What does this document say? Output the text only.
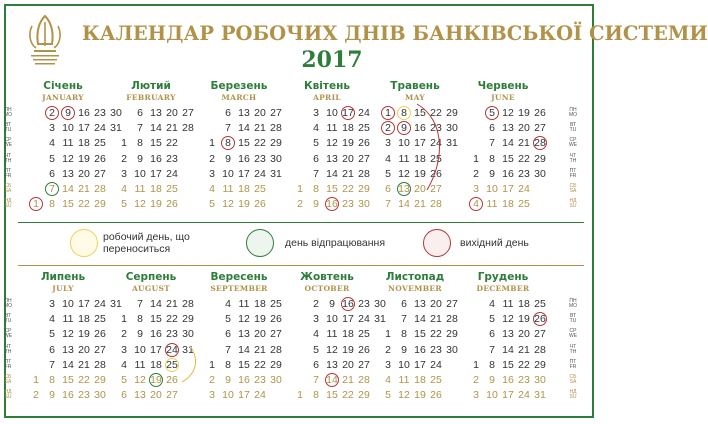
КАЛЕНДАР РОБОЧИХ ДНІВ БАНКІВСЬКОЇ СИСТЕМИ
2017
робочий день, що переноситься	день відпрацювання	вихідний день
Січень
JANUARY
ПН
MO
ВТ
TU
СР
WE
ЧТ
TH
ПТ
FR
СБ
SA
НД
SU
2 9 16 23 30
3 10 17 24 31
4 11 18 25
5 12 19 26
6 13 20 27
7 14 21 28
1 8 15 22 29
Лютий
FEBRUARY
6 13 20 27
7 14 21 28
1 8 15 22
2 9 16 23
3 10 17 24
4 11 18 25
5 12 19 26
Березень
MARCH
6 13 20 27
7 14 21 28
1 8 15 22 29
2 9 16 23 30
3 10 17 24 31
4 11 18 25
5 12 19 26
Квітень
APRIL
3 10 17 24
4 11 18 25
5 12 19 26
6 13 20 27
7 14 21 28
1 8 15 22 29
2 9 16 23 30
Травень
MAY
1 8 15 22 29
2 9 16 23 30
3 10 17 24 31
4 11 18 25
5 12 19 26
6 13 20 27
7 14 21 28
Червень
JUNE
ПН
MO
ВТ
TU
СР
WE
ЧТ
TH
ПТ
FR
СБ
SA
НД
SU
5 12 19 26
6 13 20 27
7 14 21 28
1 8 15 22 29
2 9 16 23 30
3 10 17 24
4 11 18 25
Липень
JULY
ПН
MO
ВТ
TU
СР
WE
ЧТ
TH
ПТ
FR
СБ
SA
НД
SU
3 10 17 24 31
4 11 18 25
5 12 19 26
6 13 20 27
7 14 21 28
1 8 15 22 29
2 9 16 23 30
Серпень
AUGUST
7 14 21 28
1 8 15 22 29
2 9 16 23 30
3 10 17 24 31
4 11 18 25
5 12 19 26
6 13 20 27
Вересень
SEPTEMBER
4 11 18 25
5 12 19 26
6 13 20 27
7 14 21 28
1 8 15 22 29
2 9 16 23 30
3 10 17 24
Жовтень
OCTOBER
2 9 16 23 30
3 10 17 24 31
4 11 18 25
5 12 19 26
6 13 20 27
7 14 21 28
1 8 15 22 29
Листопад
NOVEMBER
6 13 20 27
7 14 21 28
1 8 15 22 29
2 9 16 23 30
3 10 17 24
4 11 18 25
5 12 19 26
Грудень
DECEMBER
ПН
MO
ВТ
TU
СР
WE
ЧТ
TH
ПТ
FR
СБ
SA
НД
SU
4 11 18 25
5 12 19 26
6 13 20 27
7 14 21 28
1 8 15 22 29
2 9 16 23 30
3 10 17 24 31
